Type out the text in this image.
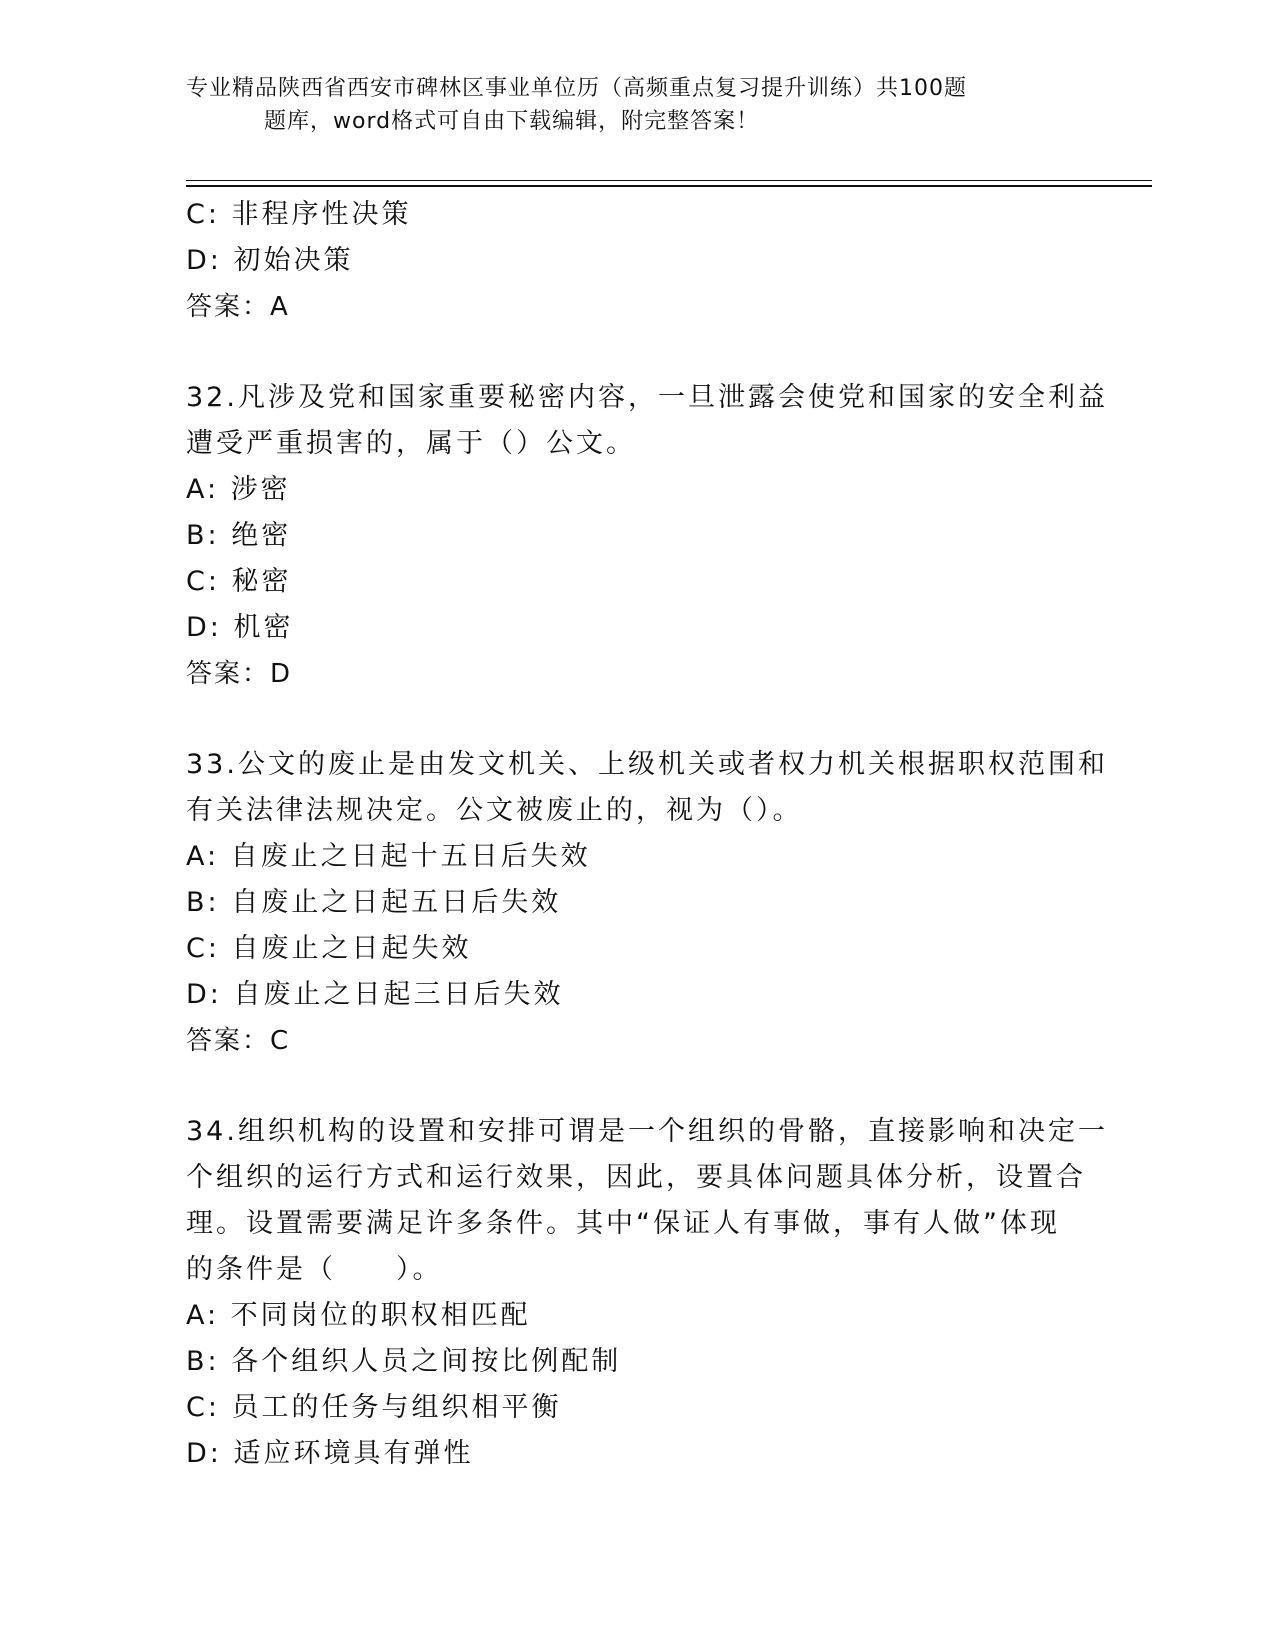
专业精品陕西省西安市碑林区事业单位历（高频重点复习提升训练）共100题
题库，word格式可自由下载编辑，附完整答案！
C: 非程序性决策
D: 初始决策
答案：A
32.凡涉及党和国家重要秘密内容，一旦泄露会使党和国家的安全利益
遭受严重损害的，属于（）公文。
A: 涉密
B: 绝密
C: 秘密
D: 机密
答案：D
33.公文的废止是由发文机关、上级机关或者权力机关根据职权范围和
有关法律法规决定。公文被废止的，视为（）。
A: 自废止之日起十五日后失效
B: 自废止之日起五日后失效
C: 自废止之日起失效
D: 自废止之日起三日后失效
答案：C
34.组织机构的设置和安排可谓是一个组织的骨骼，直接影响和决定一
个组织的运行方式和运行效果，因此，要具体问题具体分析，设置合
理。设置需要满足许多条件。其中“保证人有事做，事有人做”体现
的条件是（　　）。
A: 不同岗位的职权相匹配
B: 各个组织人员之间按比例配制
C: 员工的任务与组织相平衡
D: 适应环境具有弹性
